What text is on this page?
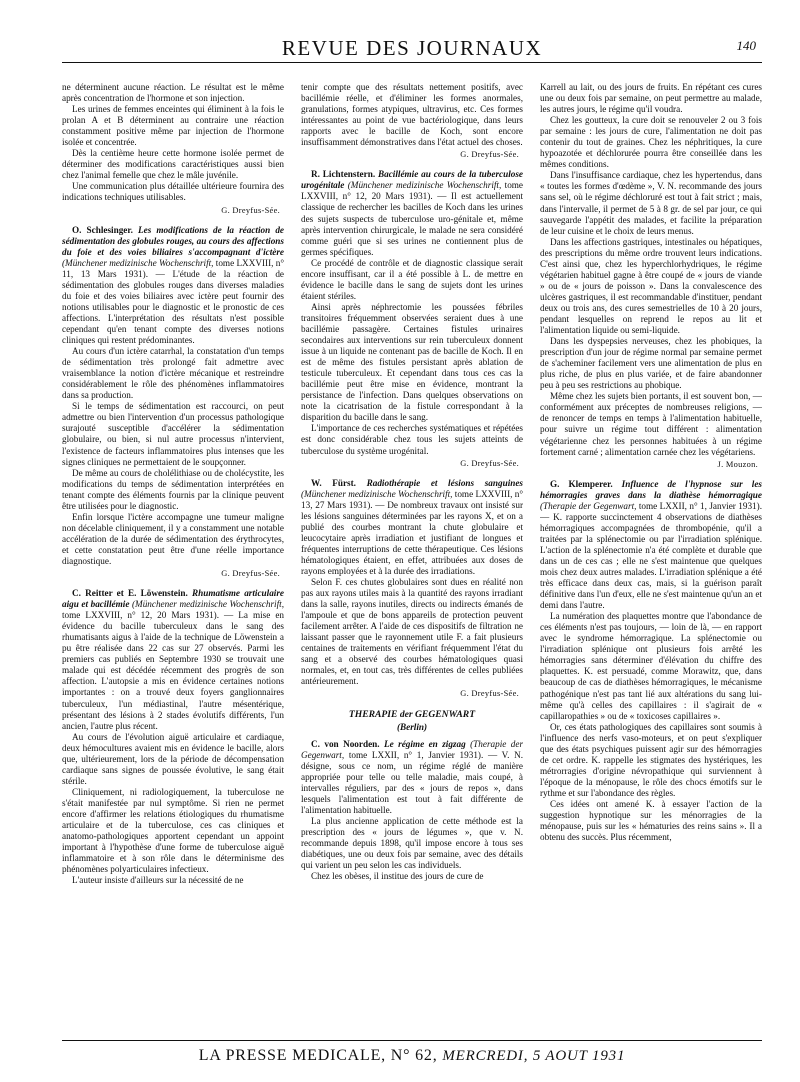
REVUE DES JOURNAUX	140

ne déterminent aucune réaction. Le résultat est le même après concentration de l'hormone et son injection.

Les urines de femmes enceintes qui éliminent à la fois le prolan A et B déterminent au contraire une réaction constamment positive même par injection de l'hormone isolée et concentrée.

Dès la centième heure cette hormone isolée permet de déterminer des modifications caractéristiques aussi bien chez l'animal femelle que chez le mâle juvénile.

Une communication plus détaillée ultérieure fournira des indications techniques utilisables.

G. Dreyfus-Sée.

O. Schlesinger. Les modifications de la réaction de sédimentation des globules rouges, au cours des affections du foie et des voies biliaires s'accompagnant d'ictère (Münchener medizinische Wochenschrift, tome LXXVIII, n° 11, 13 Mars 1931). — L'étude de la réaction de sédimentation des globules rouges dans diverses maladies du foie et des voies biliaires avec ictère peut fournir des notions utilisables pour le diagnostic et le pronostic de ces affections. L'interprétation des résultats n'est possible cependant qu'en tenant compte des diverses notions cliniques qui restent prédominantes.

Au cours d'un ictère catarrhal, la constatation d'un temps de sédimentation très prolongé fait admettre avec vraisemblance la notion d'ictère mécanique et restreindre considérablement le rôle des phénomènes inflammatoires dans sa production.

Si le temps de sédimentation est raccourci, on peut admettre ou bien l'intervention d'un processus pathologique surajouté susceptible d'accélérer la sédimentation globulaire, ou bien, si nul autre processus n'intervient, l'existence de facteurs inflammatoires plus intenses que les signes cliniques ne permettaient de le soupçonner.

De même au cours de cholélithiase ou de cholécystite, les modifications du temps de sédimentation interprétées en tenant compte des éléments fournis par la clinique peuvent être utilisées pour le diagnostic.

Enfin lorsque l'ictère accompagne une tumeur maligne non décelable cliniquement, il y a constamment une notable accélération de la durée de sédimentation des érythrocytes, et cette constatation peut être d'une réelle importance diagnostique.

G. Dreyfus-Sée.

C. Reitter et E. Löwenstein. Rhumatisme articulaire aigu et bacillémie (Münchener medizinische Wochenschrift, tome LXXVIII, n° 12, 20 Mars 1931). — La mise en évidence du bacille tuberculeux dans le sang des rhumatisants aigus à l'aide de la technique de Löwenstein a pu être réalisée dans 22 cas sur 27 observés. Parmi les premiers cas publiés en Septembre 1930 se trouvait une malade qui est décédée récemment des progrès de son affection. L'autopsie a mis en évidence certaines notions importantes : on a trouvé deux foyers ganglionnaires tuberculeux, l'un médiastinal, l'autre mésentérique, présentant des lésions à 2 stades évolutifs différents, l'un ancien, l'autre plus récent.

Au cours de l'évolution aiguë articulaire et cardiaque, deux hémocultures avaient mis en évidence le bacille, alors que, ultérieurement, lors de la période de décompensation cardiaque sans signes de poussée évolutive, le sang était stérile.

Cliniquement, ni radiologiquement, la tuberculose ne s'était manifestée par nul symptôme. Si rien ne permet encore d'affirmer les relations étiologiques du rhumatisme articulaire et de la tuberculose, ces cas cliniques et anatomo-pathologiques apportent cependant un appoint important à l'hypothèse d'une forme de tuberculose aiguë inflammatoire et à son rôle dans le déterminisme des phénomènes polyarticulaires infectieux.

L'auteur insiste d'ailleurs sur la nécessité de ne

tenir compte que des résultats nettement positifs, avec bacillémie réelle, et d'éliminer les formes anormales, granulations, formes atypiques, ultravirus, etc. Ces formes intéressantes au point de vue bactériologique, dans leurs rapports avec le bacille de Koch, sont encore insuffisamment démonstratives dans l'état actuel des choses.

G. Dreyfus-Sée.

R. Lichtenstern. Bacillémie au cours de la tuberculose urogénitale (Münchener medizinische Wochenschrift, tome LXXVIII, n° 12, 20 Mars 1931). — Il est actuellement classique de rechercher les bacilles de Koch dans les urines des sujets suspects de tuberculose uro-génitale et, même après intervention chirurgicale, le malade ne sera considéré comme guéri que si ses urines ne contiennent plus de germes spécifiques.

Ce procédé de contrôle et de diagnostic classique serait encore insuffisant, car il a été possible à L. de mettre en évidence le bacille dans le sang de sujets dont les urines étaient stériles.

Ainsi après néphrectomie les poussées fébriles transitoires fréquemment observées seraient dues à une bacillémie passagère. Certaines fistules urinaires secondaires aux interventions sur rein tuberculeux donnent issue à un liquide ne contenant pas de bacille de Koch. Il en est de même des fistules persistant après ablation de testicule tuberculeux. Et cependant dans tous ces cas la bacillémie peut être mise en évidence, montrant la persistance de l'infection. Dans quelques observations on note la cicatrisation de la fistule correspondant à la disparition du bacille dans le sang.

L'importance de ces recherches systématiques et répétées est donc considérable chez tous les sujets atteints de tuberculose du système urogénital.

G. Dreyfus-Sée.

W. Fürst. Radiothérapie et lésions sanguines (Münchener medizinische Wochenschrift, tome LXXVIII, n° 13, 27 Mars 1931). — De nombreux travaux ont insisté sur les lésions sanguines déterminées par les rayons X, et on a publié des courbes montrant la chute globulaire et leucocytaire après irradiation et justifiant de longues et fréquentes interruptions de cette thérapeutique. Ces lésions hématologiques étaient, en effet, attribuées aux doses de rayons employées et à la durée des irradiations.

Selon F. ces chutes globulaires sont dues en réalité non pas aux rayons utiles mais à la quantité des rayons irradiant dans la salle, rayons inutiles, directs ou indirects émanés de l'ampoule et que de bons appareils de protection peuvent facilement arrêter. A l'aide de ces dispositifs de filtration ne laissant passer que le rayonnement utile F. a fait plusieurs centaines de traitements en vérifiant fréquemment l'état du sang et a observé des courbes hématologiques quasi normales, et, en tout cas, très différentes de celles publiées antérieurement.

G. Dreyfus-Sée.
THERAPIE der GEGENWART
(Berlin)

C. von Noorden. Le régime en zigzag (Therapie der Gegenwart, tome LXXII, n° 1, Janvier 1931). — V. N. désigne, sous ce nom, un régime réglé de manière appropriée pour telle ou telle maladie, mais coupé, à intervalles réguliers, par des « jours de repos », dans lesquels l'alimentation est tout à fait différente de l'alimentation habituelle.

La plus ancienne application de cette méthode est la prescription des « jours de légumes », que v. N. recommande depuis 1898, qu'il impose encore à tous ses diabétiques, une ou deux fois par semaine, avec des détails qui varient un peu selon les cas individuels.

Chez les obèses, il institue des jours de cure de

Karrell au lait, ou des jours de fruits. En répétant ces cures une ou deux fois par semaine, on peut permettre au malade, les autres jours, le régime qu'il voudra.

Chez les goutteux, la cure doit se renouveler 2 ou 3 fois par semaine : les jours de cure, l'alimentation ne doit pas contenir du tout de graines. Chez les néphritiques, la cure hypoazotée et déchlorurée pourra être conseillée dans les mêmes conditions.

Dans l'insuffisance cardiaque, chez les hypertendus, dans « toutes les formes d'œdème », V. N. recommande des jours sans sel, où le régime déchloruré est tout à fait strict ; mais, dans l'intervalle, il permet de 5 à 8 gr. de sel par jour, ce qui sauvegarde l'appétit des malades, et facilite la préparation de leur cuisine et le choix de leurs menus.

Dans les affections gastriques, intestinales ou hépatiques, des prescriptions du même ordre trouvent leurs indications. C'est ainsi que, chez les hyperchlorhydriques, le régime végétarien habituel gagne à être coupé de « jours de viande » ou de « jours de poisson ». Dans la convalescence des ulcères gastriques, il est recommandable d'instituer, pendant deux ou trois ans, des cures semestrielles de 10 à 20 jours, pendant lesquelles on reprend le repos au lit et l'alimentation liquide ou semi-liquide.

Dans les dyspepsies nerveuses, chez les phobiques, la prescription d'un jour de régime normal par semaine permet de s'acheminer facilement vers une alimentation de plus en plus riche, de plus en plus variée, et de faire abandonner peu à peu ses restrictions au phobique.

Même chez les sujets bien portants, il est souvent bon, — conformément aux préceptes de nombreuses religions, — de renoncer de temps en temps à l'alimentation habituelle, pour suivre un régime tout différent : alimentation végétarienne chez les personnes habituées à un régime fortement carné ; alimentation carnée chez les végétariens.

J. Mouzon.

G. Klemperer. Influence de l'hypnose sur les hémorragies graves dans la diathèse hémorragique (Therapie der Gegenwart, tome LXXII, n° 1, Janvier 1931). — K. rapporte succinctement 4 observations de diathèses hémorragiques accompagnées de thrombopénie, qu'il a traitées par la splénectomie ou par l'irradiation splénique. L'action de la splénectomie n'a été complète et durable que dans un de ces cas ; elle ne s'est maintenue que quelques mois chez deux autres malades. L'irradiation splénique a été très efficace dans deux cas, mais, si la guérison paraît définitive dans l'un d'eux, elle ne s'est maintenue qu'un an et demi dans l'autre.

La numération des plaquettes montre que l'abondance de ces éléments n'est pas toujours, — loin de là, — en rapport avec le syndrome hémorragique. La splénectomie ou l'irradiation splénique ont plusieurs fois arrêté les hémorragies sans déterminer d'élévation du chiffre des plaquettes. K. est persuadé, comme Morawitz, que, dans beaucoup de cas de diathèses hémorragiques, le mécanisme pathogénique n'est pas tant lié aux altérations du sang lui-même qu'à celles des capillaires : il s'agirait de « capillaropathies » ou de « toxicoses capillaires ».

Or, ces états pathologiques des capillaires sont soumis à l'influence des nerfs vaso-moteurs, et on peut s'expliquer que des états psychiques puissent agir sur des hémorragies de cet ordre. K. rappelle les stigmates des hystériques, les métrorragies d'origine névropathique qui surviennent à l'époque de la ménopause, le rôle des chocs émotifs sur le rythme et sur l'abondance des règles.

Ces idées ont amené K. à essayer l'action de la suggestion hypnotique sur les ménorragies de la ménopause, puis sur les « hématuries des reins sains ». Il a obtenu des succès. Plus récemment,

LA PRESSE MEDICALE, N° 62, MERCREDI, 5 AOUT 1931
